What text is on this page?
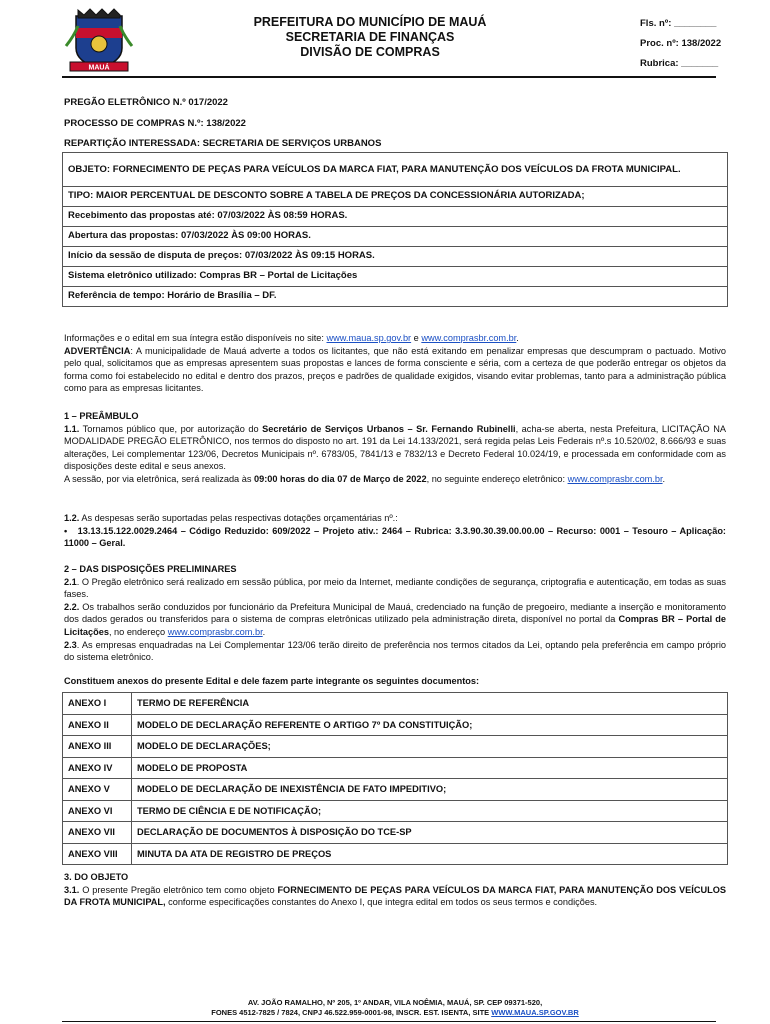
MAUÁ
PREFEITURA DO MUNICÍPIO DE MAUÁ
SECRETARIA DE FINANÇAS
DIVISÃO DE COMPRAS
Fls. nº: ________
Proc. nº: 138/2022
Rubrica: _______
PREGÃO ELETRÔNICO N.º 017/2022
PROCESSO DE COMPRAS N.º: 138/2022
REPARTIÇÃO INTERESSADA: SECRETARIA DE SERVIÇOS URBANOS
OBJETO: FORNECIMENTO DE PEÇAS PARA VEÍCULOS DA MARCA FIAT, PARA MANUTENÇÃO DOS VEÍCULOS DA FROTA MUNICIPAL.
TIPO: MAIOR PERCENTUAL DE DESCONTO SOBRE A TABELA DE PREÇOS DA CONCESSIONÁRIA AUTORIZADA;
Recebimento das propostas até: 07/03/2022 ÀS 08:59 HORAS.
Abertura das propostas: 07/03/2022 ÀS 09:00 HORAS.
Início da sessão de disputa de preços: 07/03/2022 ÀS 09:15 HORAS.
Sistema eletrônico utilizado: Compras BR – Portal de Licitações
Referência de tempo: Horário de Brasília – DF.

Informações e o edital em sua íntegra estão disponíveis no site: www.maua.sp.gov.br e www.comprasbr.com.br.

ADVERTÊNCIA: A municipalidade de Mauá adverte a todos os licitantes, que não está exitando em penalizar empresas que descumpram o pactuado. Motivo pelo qual, solicitamos que as empresas apresentem suas propostas e lances de forma consciente e séria, com a certeza de que poderão entregar os objetos da forma como foi estabelecido no edital e dentro dos prazos, preços e padrões de qualidade exigidos, visando evitar problemas, tanto para a administração pública como para as empresas licitantes.

1 – PREÂMBULO

1.1. Tornamos público que, por autorização do Secretário de Serviços Urbanos – Sr. Fernando Rubinelli, acha-se aberta, nesta Prefeitura, LICITAÇÃO NA MODALIDADE PREGÃO ELETRÔNICO, nos termos do disposto no art. 191 da Lei 14.133/2021, será regida pelas Leis Federais nº.s 10.520/02, 8.666/93 e suas alterações, Lei complementar 123/06, Decretos Municipais nº. 6783/05, 7841/13 e 7832/13 e Decreto Federal 10.024/19, e processada em conformidade com as disposições deste edital e seus anexos.

A sessão, por via eletrônica, será realizada às 09:00 horas do dia 07 de Março de 2022, no seguinte endereço eletrônico: www.comprasbr.com.br.

1.2. As despesas serão suportadas pelas respectivas dotações orçamentárias nº.:

• 13.13.15.122.0029.2464 – Código Reduzido: 609/2022 – Projeto ativ.: 2464 – Rubrica: 3.3.90.30.39.00.00.00 – Recurso: 0001 – Tesouro – Aplicação: 11000 – Geral.

2 – DAS DISPOSIÇÕES PRELIMINARES

2.1. O Pregão eletrônico será realizado em sessão pública, por meio da Internet, mediante condições de segurança, criptografia e autenticação, em todas as suas fases.

2.2. Os trabalhos serão conduzidos por funcionário da Prefeitura Municipal de Mauá, credenciado na função de pregoeiro, mediante a inserção e monitoramento dos dados gerados ou transferidos para o sistema de compras eletrônicas utilizado pela administração direta, disponível no portal da Compras BR – Portal de Licitações, no endereço www.comprasbr.com.br.

2.3. As empresas enquadradas na Lei Complementar 123/06 terão direito de preferência nos termos citados da Lei, optando pela preferência em campo próprio do sistema eletrônico.

Constituem anexos do presente Edital e dele fazem parte integrante os seguintes documentos:
ANEXO I	TERMO DE REFERÊNCIA
ANEXO II	MODELO DE DECLARAÇÃO REFERENTE O ARTIGO 7º DA CONSTITUIÇÃO;
ANEXO III	MODELO DE DECLARAÇÕES;
ANEXO IV	MODELO DE PROPOSTA
ANEXO V	MODELO DE DECLARAÇÃO DE INEXISTÊNCIA DE FATO IMPEDITIVO;
ANEXO VI	TERMO DE CIÊNCIA E DE NOTIFICAÇÃO;
ANEXO VII	DECLARAÇÃO DE DOCUMENTOS À DISPOSIÇÃO DO TCE-SP
ANEXO VIII	MINUTA DA ATA DE REGISTRO DE PREÇOS

3. DO OBJETO

3.1. O presente Pregão eletrônico tem como objeto FORNECIMENTO DE PEÇAS PARA VEÍCULOS DA MARCA FIAT, PARA MANUTENÇÃO DOS VEÍCULOS DA FROTA MUNICIPAL, conforme especificações constantes do Anexo I, que integra edital em todos os seus termos e condições.

AV. JOÃO RAMALHO, Nº 205, 1º ANDAR, VILA NOÊMIA, MAUÁ, SP. CEP 09371-520,
FONES 4512-7825 / 7824, CNPJ 46.522.959-0001-98, INSCR. EST. ISENTA, SITE WWW.MAUA.SP.GOV.BR
